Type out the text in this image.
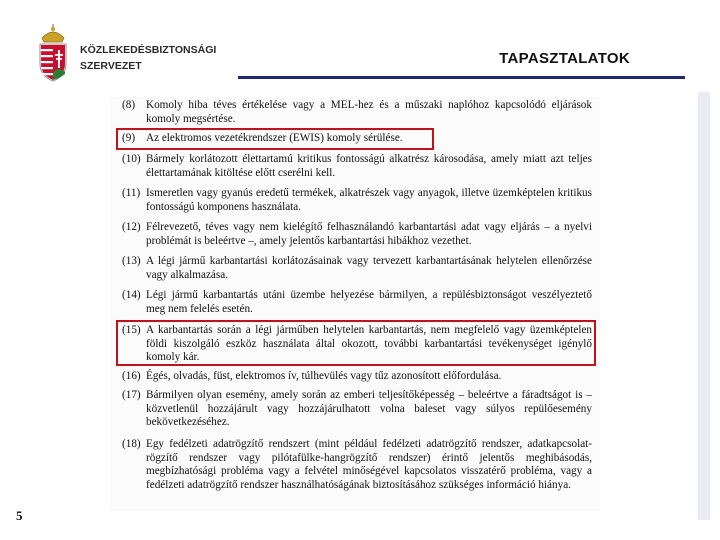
KÖZLEKEDÉSBIZTONSÁGI
SZERVEZET	TAPASZTALATOK
(8) Komoly hiba téves értékelése vagy a MEL-hez és a műszaki naplóhoz kapcsolódó eljárások komoly megsértése.
(9) Az elektromos vezetékrendszer (EWIS) komoly sérülése.
(10) Bármely korlátozott élettartamú kritikus fontosságú alkatrész károsodása, amely miatt azt teljes élettartamának kitöltése előtt cserélni kell.
(11) Ismeretlen vagy gyanús eredetű termékek, alkatrészek vagy anyagok, illetve üzemképtelen kritikus fontosságú komponens használata.
(12) Félrevezető, téves vagy nem kielégítő felhasználandó karbantartási adat vagy eljárás – a nyelvi problémát is beleértve –, amely jelentős karbantartási hibákhoz vezethet.
(13) A légi jármű karbantartási korlátozásainak vagy tervezett karbantartásának helytelen ellenőrzése vagy alkalmazása.
(14) Légi jármű karbantartás utáni üzembe helyezése bármilyen, a repülésbiztonságot veszélyeztető meg nem felelés esetén.
(15) A karbantartás során a légi járműben helytelen karbantartás, nem megfelelő vagy üzemképtelen földi kiszolgáló eszköz használata által okozott, további karbantartási tevékenységet igénylő komoly kár.
(16) Égés, olvadás, füst, elektromos ív, túlhevülés vagy tűz azonosított előfordulása.
(17) Bármilyen olyan esemény, amely során az emberi teljesítőképesség – beleértve a fáradtságot is – közvetlenül hozzájárult vagy hozzájárulhatott volna baleset vagy súlyos repülőesemény bekövetkezéséhez.
(18) Egy fedélzeti adatrögzítő rendszert (mint például fedélzeti adatrögzítő rendszer, adatkapcsolat-rögzítő rendszer vagy pilótafülke-hangrögzítő rendszer) érintő jelentős meghibásodás, megbízhatósági probléma vagy a felvétel minőségével kapcsolatos visszatérő probléma, vagy a fedélzeti adatrögzítő rendszer használhatóságának biztosításához szükséges információ hiánya.
5
